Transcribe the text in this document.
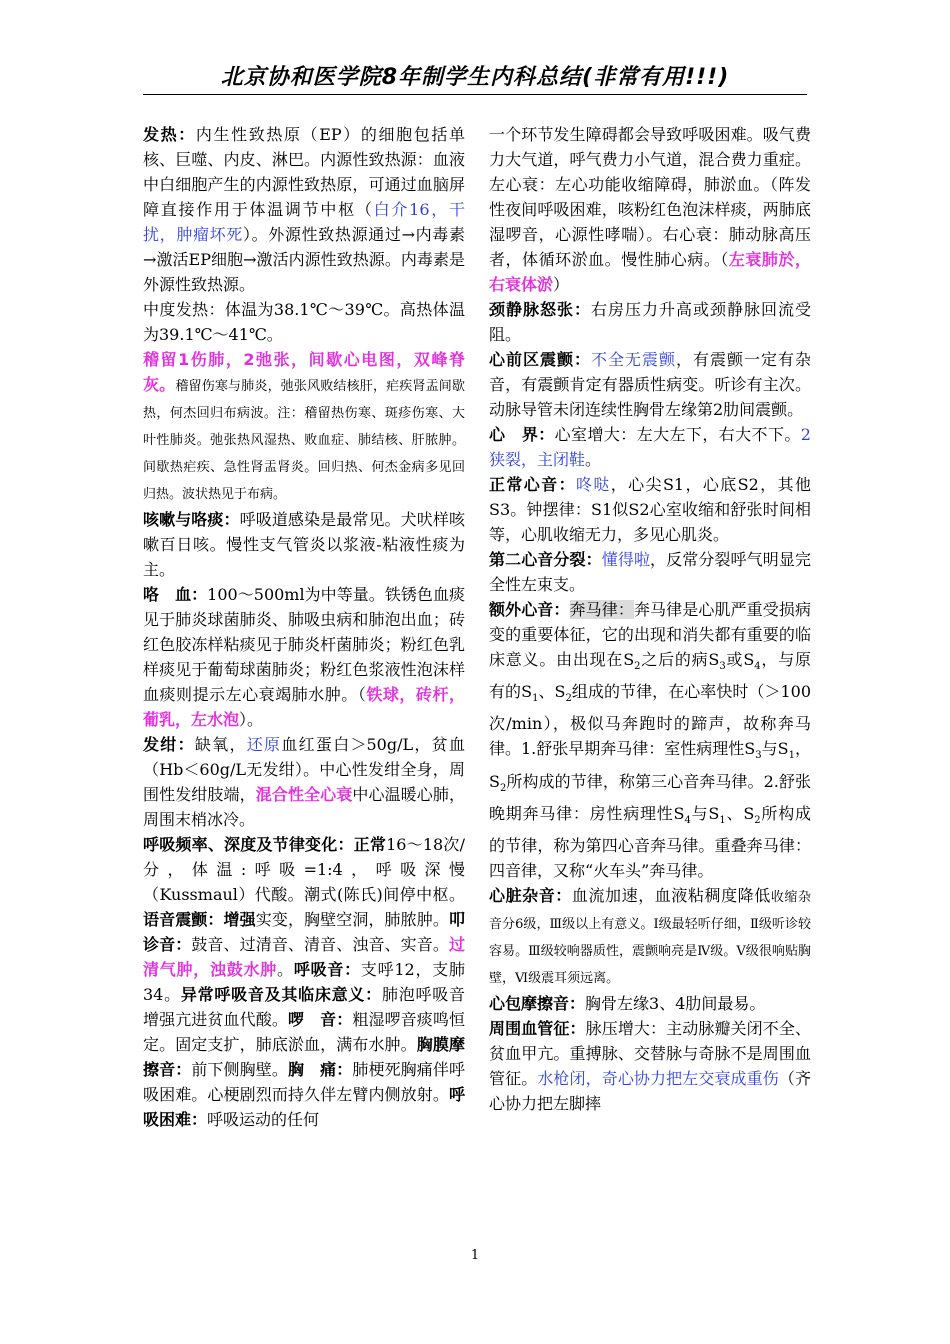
北京协和医学院8年制学生内科总结(非常有用!!!)

发热：内生性致热原（EP）的细胞包括单核、巨噬、内皮、淋巴。内源性致热源：血液中白细胞产生的内源性致热原，可通过血脑屏障直接作用于体温调节中枢（白介16，干扰，肿瘤坏死）。外源性致热源通过→内毒素→激活EP细胞→激活内源性致热源。内毒素是外源性致热源。

中度发热：体温为38.1℃～39℃。高热体温为39.1℃～41℃。

稽留1伤肺，2弛张，间歇心电图，双峰脊灰。稽留伤寒与肺炎，弛张风败结核肝，疟疾肾盂间歇热，何杰回归布病波。注：稽留热伤寒、斑疹伤寒、大叶性肺炎。弛张热风湿热、败血症、肺结核、肝脓肿。间歇热疟疾、急性肾盂肾炎。回归热、何杰金病多见回归热。波状热见于布病。

咳嗽与咯痰：呼吸道感染是最常见。犬吠样咳嗽百日咳。慢性支气管炎以浆液-粘液性痰为主。

咯　血：100～500ml为中等量。铁锈色血痰见于肺炎球菌肺炎、肺吸虫病和肺泡出血；砖红色胶冻样粘痰见于肺炎杆菌肺炎；粉红色乳样痰见于葡萄球菌肺炎；粉红色浆液性泡沫样血痰则提示左心衰竭肺水肿。（铁球，砖杆，葡乳，左水泡）。

发绀：缺氧，还原血红蛋白＞50g/L，贫血（Hb＜60g/L无发绀）。中心性发绀全身，周围性发绀肢端，混合性全心衰中心温暖心肺，周围末梢冰冷。

呼吸频率、深度及节律变化：正常16～18次/分，体温:呼吸=1:4，呼吸深慢（Kussmaul）代酸。潮式(陈氏)间停中枢。语音震颤：增强实变，胸壁空洞，肺脓肿。叩诊音：鼓音、过清音、清音、浊音、实音。过清气肿，浊鼓水肿。呼吸音：支呼12，支肺34。异常呼吸音及其临床意义：肺泡呼吸音增强亢进贫血代酸。啰　音：粗湿啰音痰鸣恒定。固定支扩，肺底淤血，满布水肿。胸膜摩擦音：前下侧胸壁。胸　痛：肺梗死胸痛伴呼吸困难。心梗剧烈而持久伴左臂内侧放射。呼吸困难：呼吸运动的任何

一个环节发生障碍都会导致呼吸困难。吸气费力大气道，呼气费力小气道，混合费力重症。左心衰：左心功能收缩障碍，肺淤血。（阵发性夜间呼吸困难，咳粉红色泡沫样痰，两肺底湿啰音，心源性哮喘）。右心衰：肺动脉高压者，体循环淤血。慢性肺心病。（左衰肺於，右衰体淤）

颈静脉怒张：右房压力升高或颈静脉回流受阻。

心前区震颤：不全无震颤，有震颤一定有杂音，有震颤肯定有器质性病变。听诊有主次。动脉导管未闭连续性胸骨左缘第2肋间震颤。

心　界：心室增大：左大左下，右大不下。2狭裂，主闭鞋。

正常心音：咚哒，心尖S1，心底S2，其他S3。钟摆律：S1似S2心室收缩和舒张时间相等，心肌收缩无力，多见心肌炎。

第二心音分裂：懂得啦，反常分裂呼气明显完全性左束支。

额外心音：奔马律：奔马律是心肌严重受损病变的重要体征，它的出现和消失都有重要的临床意义。由出现在$S_2$之后的病$S_3$或$S_4$，与原有的$S_1$、$S_2$组成的节律，在心率快时（＞100次/min），极似马奔跑时的蹄声，故称奔马律。1.舒张早期奔马律：室性病理性$S_3$与$S_1$，$S_2$所构成的节律，称第三心音奔马律。2.舒张晚期奔马律：房性病理性$S_4$与$S_1$、$S_2$所构成的节律，称为第四心音奔马律。重叠奔马律：四音律，又称“火车头”奔马律。

心脏杂音：血流加速，血液粘稠度降低收缩杂音分6级，Ⅲ级以上有意义。Ⅰ级最轻听仔细，Ⅱ级听诊较容易。Ⅲ级较响器质性，震颤响亮是Ⅳ级。Ⅴ级很响贴胸壁，Ⅵ级震耳须远离。

心包摩擦音：胸骨左缘3、4肋间最易。

周围血管征：脉压增大：主动脉瓣关闭不全、贫血甲亢。重搏脉、交替脉与奇脉不是周围血管征。水枪闭，奇心协力把左交衰成重伤（齐心协力把左脚摔

1
